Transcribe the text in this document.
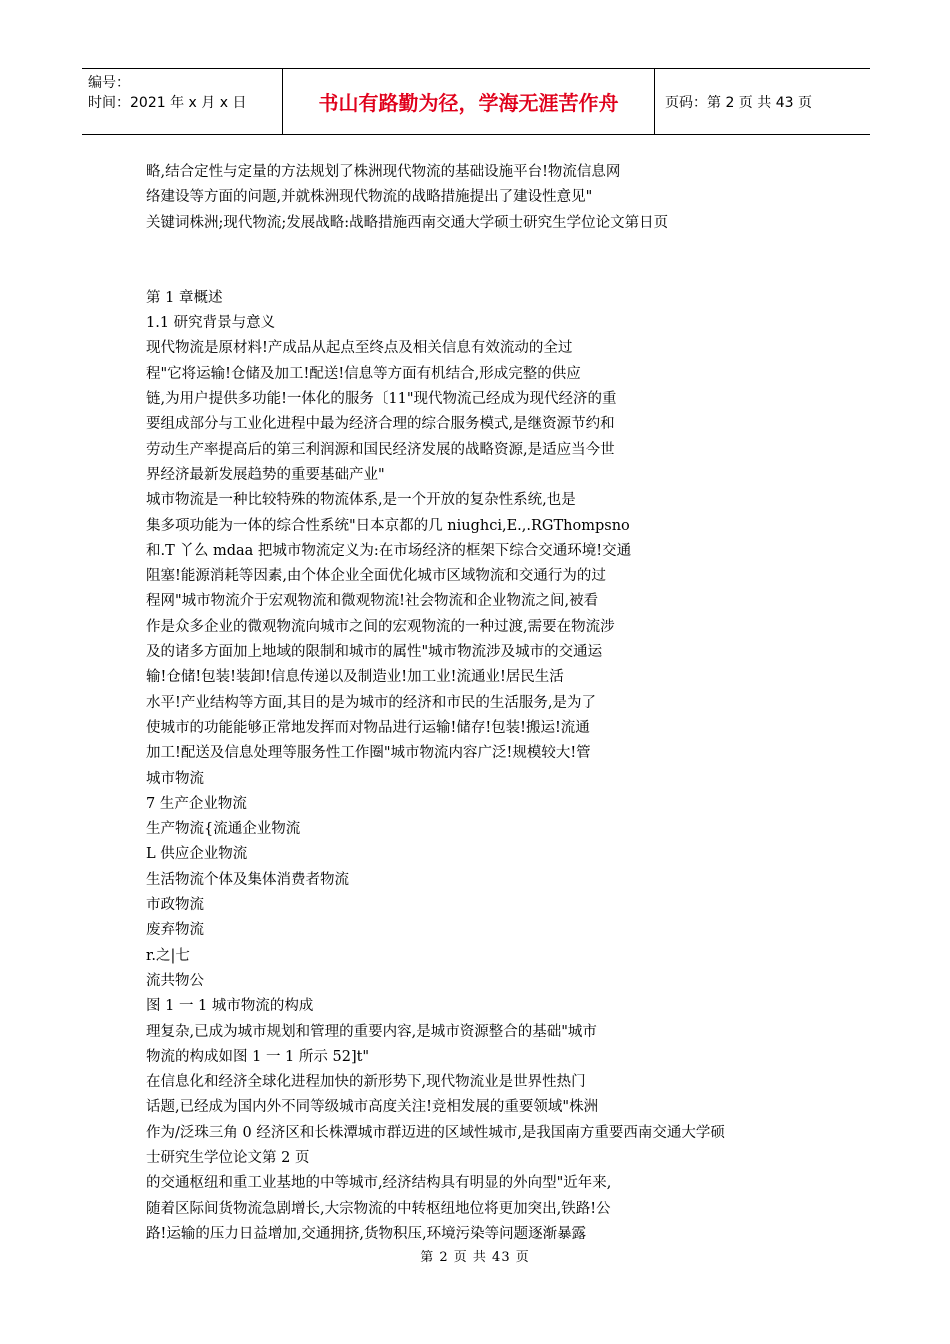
编号：
时间：2021 年 x 月 x 日	书山有路勤为径，学海无涯苦作舟	页码：第 2 页 共 43 页
略,结合定性与定量的方法规划了株洲现代物流的基础设施平台!物流信息网
络建设等方面的问题,并就株洲现代物流的战略措施提出了建设性意见"
关键词株洲;现代物流;发展战略:战略措施西南交通大学硕士研究生学位论文第日页
第 1 章概述
1.1 研究背景与意义
现代物流是原材料!产成品从起点至终点及相关信息有效流动的全过
程"它将运输!仓储及加工!配送!信息等方面有机结合,形成完整的供应
链,为用户提供多功能!一体化的服务〔11"现代物流己经成为现代经济的重
要组成部分与工业化进程中最为经济合理的综合服务模式,是继资源节约和
劳动生产率提高后的第三利润源和国民经济发展的战略资源,是适应当今世
界经济最新发展趋势的重要基础产业"
城市物流是一种比较特殊的物流体系,是一个开放的复杂性系统,也是
集多项功能为一体的综合性系统"日本京都的几 niughci,E.,.RGThompsno
和.T 丫么 mdaa 把城市物流定义为:在市场经济的框架下综合交通环境!交通
阻塞!能源消耗等因素,由个体企业全面优化城市区域物流和交通行为的过
程网"城市物流介于宏观物流和微观物流!社会物流和企业物流之间,被看
作是众多企业的微观物流向城市之间的宏观物流的一种过渡,需要在物流涉
及的诸多方面加上地域的限制和城市的属性"城市物流涉及城市的交通运
输!仓储!包装!装卸!信息传递以及制造业!加工业!流通业!居民生活
水平!产业结构等方面,其目的是为城市的经济和市民的生活服务,是为了
使城市的功能能够正常地发挥而对物品进行运输!储存!包装!搬运!流通
加工!配送及信息处理等服务性工作圈"城市物流内容广泛!规模较大!管
城市物流
7 生产企业物流
生产物流{流通企业物流
L 供应企业物流
生活物流个体及集体消费者物流
市政物流
废弃物流
r.之|七
流共物公
图 1 一 1 城市物流的构成
理复杂,已成为城市规划和管理的重要内容,是城市资源整合的基础"城市
物流的构成如图 1 一 1 所示 52]t"
在信息化和经济全球化进程加快的新形势下,现代物流业是世界性热门
话题,已经成为国内外不同等级城市高度关注!竞相发展的重要领域"株洲
作为/泛珠三角 0 经济区和长株潭城市群迈进的区域性城市,是我国南方重要西南交通大学硕
士研究生学位论文第 2 页
的交通枢纽和重工业基地的中等城市,经济结构具有明显的外向型"近年来,
随着区际间货物流急剧增长,大宗物流的中转枢纽地位将更加突出,铁路!公
路!运输的压力日益增加,交通拥挤,货物积压,环境污染等问题逐渐暴露
第 2 页 共 43 页
